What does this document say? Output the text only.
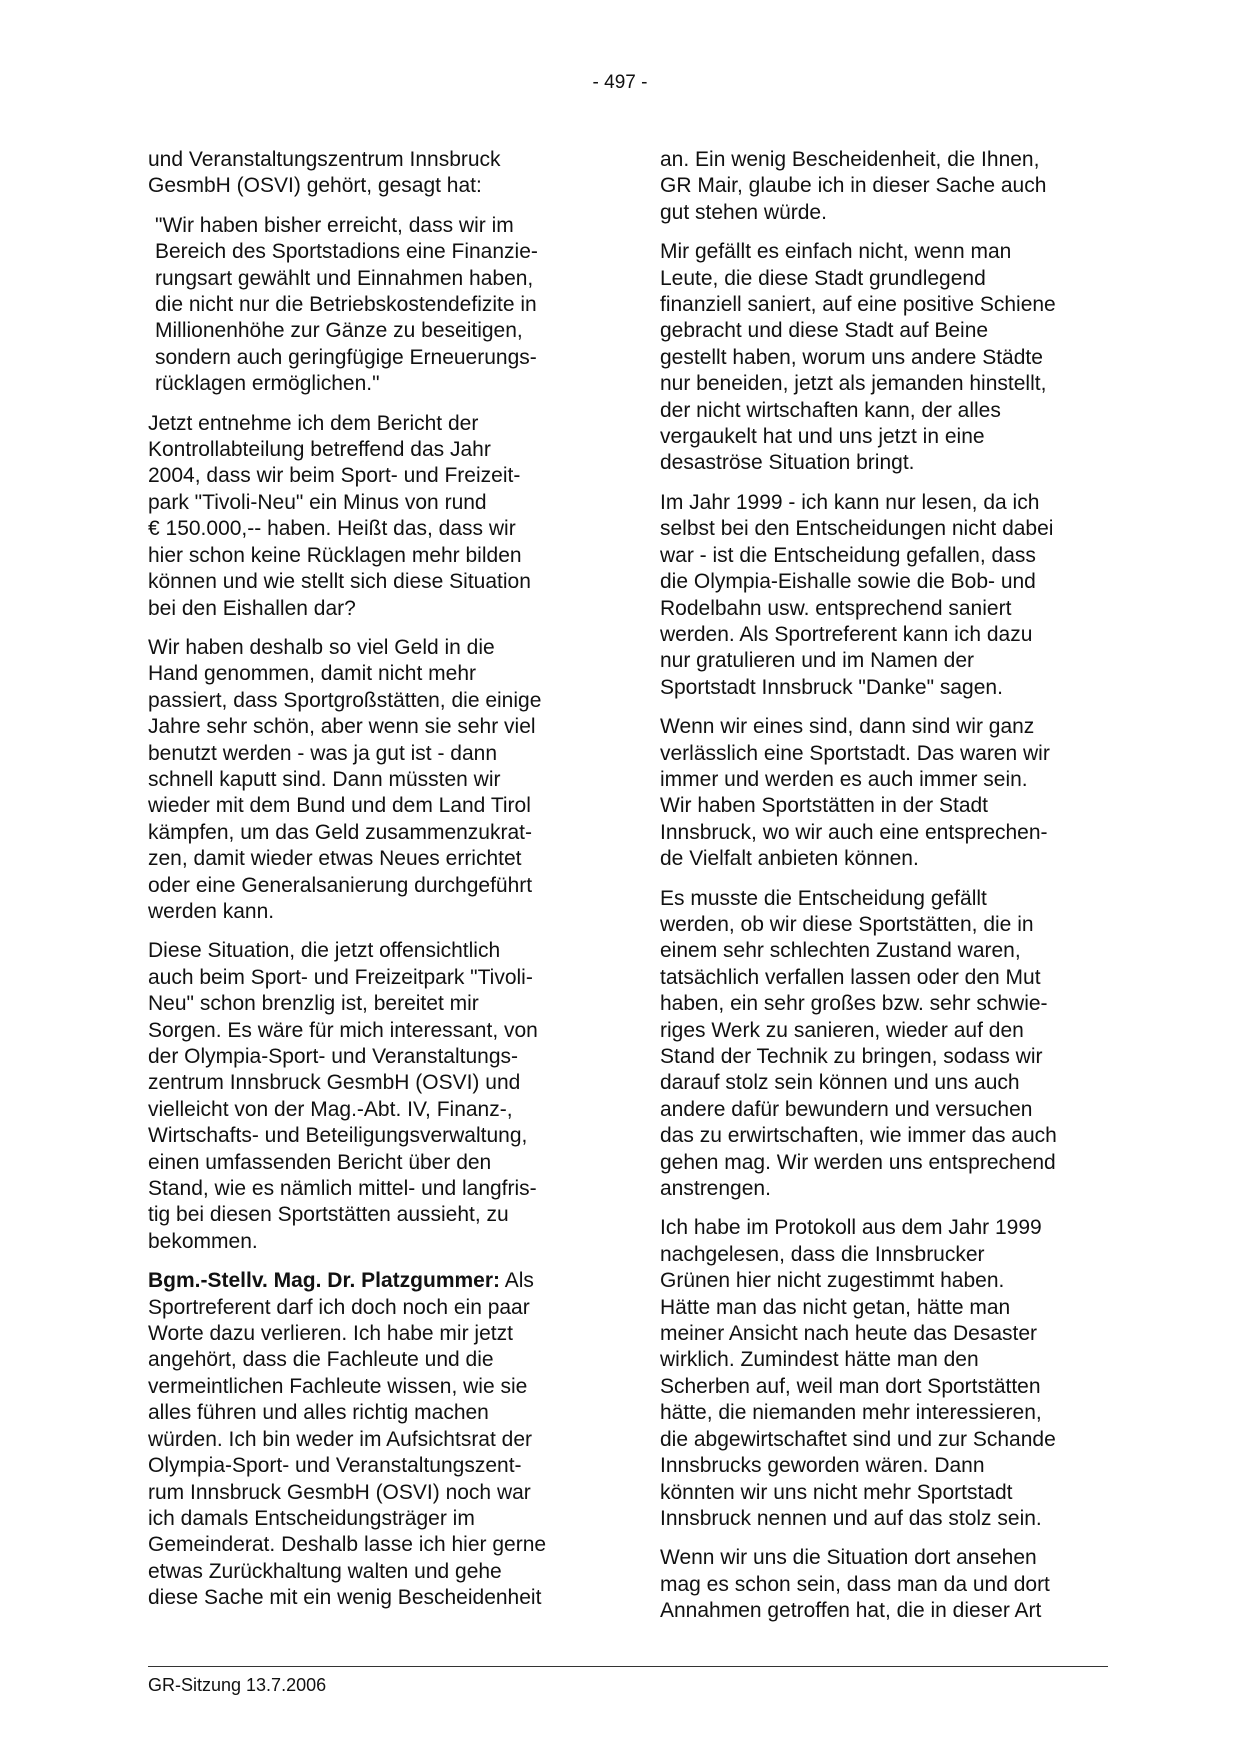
- 497 -

und Veranstaltungszentrum Innsbruck
GesmbH (OSVI) gehört, gesagt hat:

"Wir haben bisher erreicht, dass wir im
Bereich des Sportstadions eine Finanzie-
rungsart gewählt und Einnahmen haben,
die nicht nur die Betriebskostendefizite in
Millionenhöhe zur Gänze zu beseitigen,
sondern auch geringfügige Erneuerungs-
rücklagen ermöglichen."

Jetzt entnehme ich dem Bericht der
Kontrollabteilung betreffend das Jahr
2004, dass wir beim Sport- und Freizeit-
park "Tivoli-Neu" ein Minus von rund
€ 150.000,-- haben. Heißt das, dass wir
hier schon keine Rücklagen mehr bilden
können und wie stellt sich diese Situation
bei den Eishallen dar?

Wir haben deshalb so viel Geld in die
Hand genommen, damit nicht mehr
passiert, dass Sportgroßstätten, die einige
Jahre sehr schön, aber wenn sie sehr viel
benutzt werden - was ja gut ist - dann
schnell kaputt sind. Dann müssten wir
wieder mit dem Bund und dem Land Tirol
kämpfen, um das Geld zusammenzukrat-
zen, damit wieder etwas Neues errichtet
oder eine Generalsanierung durchgeführt
werden kann.

Diese Situation, die jetzt offensichtlich
auch beim Sport- und Freizeitpark "Tivoli-
Neu" schon brenzlig ist, bereitet mir
Sorgen. Es wäre für mich interessant, von
der Olympia-Sport- und Veranstaltungs-
zentrum Innsbruck GesmbH (OSVI) und
vielleicht von der Mag.-Abt. IV, Finanz-,
Wirtschafts- und Beteiligungsverwaltung,
einen umfassenden Bericht über den
Stand, wie es nämlich mittel- und langfris-
tig bei diesen Sportstätten aussieht, zu
bekommen.

Bgm.-Stellv. Mag. Dr. Platzgummer: Als
Sportreferent darf ich doch noch ein paar
Worte dazu verlieren. Ich habe mir jetzt
angehört, dass die Fachleute und die
vermeintlichen Fachleute wissen, wie sie
alles führen und alles richtig machen
würden. Ich bin weder im Aufsichtsrat der
Olympia-Sport- und Veranstaltungszent-
rum Innsbruck GesmbH (OSVI) noch war
ich damals Entscheidungsträger im
Gemeinderat. Deshalb lasse ich hier gerne
etwas Zurückhaltung walten und gehe
diese Sache mit ein wenig Bescheidenheit

an. Ein wenig Bescheidenheit, die Ihnen,
GR Mair, glaube ich in dieser Sache auch
gut stehen würde.

Mir gefällt es einfach nicht, wenn man
Leute, die diese Stadt grundlegend
finanziell saniert, auf eine positive Schiene
gebracht und diese Stadt auf Beine
gestellt haben, worum uns andere Städte
nur beneiden, jetzt als jemanden hinstellt,
der nicht wirtschaften kann, der alles
vergaukelt hat und uns jetzt in eine
desaströse Situation bringt.

Im Jahr 1999 - ich kann nur lesen, da ich
selbst bei den Entscheidungen nicht dabei
war - ist die Entscheidung gefallen, dass
die Olympia-Eishalle sowie die Bob- und
Rodelbahn usw. entsprechend saniert
werden. Als Sportreferent kann ich dazu
nur gratulieren und im Namen der
Sportstadt Innsbruck "Danke" sagen.

Wenn wir eines sind, dann sind wir ganz
verlässlich eine Sportstadt. Das waren wir
immer und werden es auch immer sein.
Wir haben Sportstätten in der Stadt
Innsbruck, wo wir auch eine entsprechen-
de Vielfalt anbieten können.

Es musste die Entscheidung gefällt
werden, ob wir diese Sportstätten, die in
einem sehr schlechten Zustand waren,
tatsächlich verfallen lassen oder den Mut
haben, ein sehr großes bzw. sehr schwie-
riges Werk zu sanieren, wieder auf den
Stand der Technik zu bringen, sodass wir
darauf stolz sein können und uns auch
andere dafür bewundern und versuchen
das zu erwirtschaften, wie immer das auch
gehen mag. Wir werden uns entsprechend
anstrengen.

Ich habe im Protokoll aus dem Jahr 1999
nachgelesen, dass die Innsbrucker
Grünen hier nicht zugestimmt haben.
Hätte man das nicht getan, hätte man
meiner Ansicht nach heute das Desaster
wirklich. Zumindest hätte man den
Scherben auf, weil man dort Sportstätten
hätte, die niemanden mehr interessieren,
die abgewirtschaftet sind und zur Schande
Innsbrucks geworden wären. Dann
könnten wir uns nicht mehr Sportstadt
Innsbruck nennen und auf das stolz sein.

Wenn wir uns die Situation dort ansehen
mag es schon sein, dass man da und dort
Annahmen getroffen hat, die in dieser Art

GR-Sitzung 13.7.2006
